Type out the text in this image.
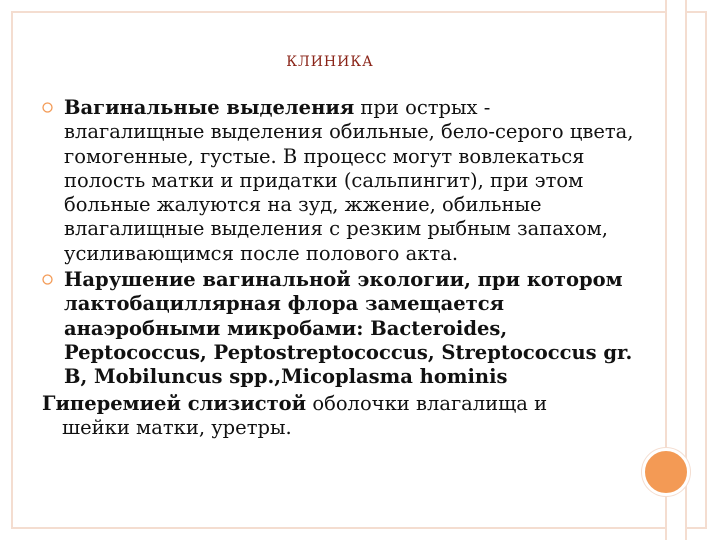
КЛИНИКА
Вагинальные выделения при острых - влагалищные выделения обильные, бело-серого цвета, гомогенные, густые. В процесс могут вовлекаться полость матки и придатки (сальпингит), при этом больные жалуются на зуд, жжение, обильные влагалищные выделения с резким рыбным запахом, усиливающимся после полового акта.
Нарушение вагинальной экологии, при котором лактобациллярная флора замещается анаэробными микробами: Bacteroides, Peptococcus, Peptostreptococcus, Streptococcus gr. B, Mobiluncus spp.,Micoplasma hominis
Гиперемией слизистой оболочки влагалища и
шейки матки, уретры.
